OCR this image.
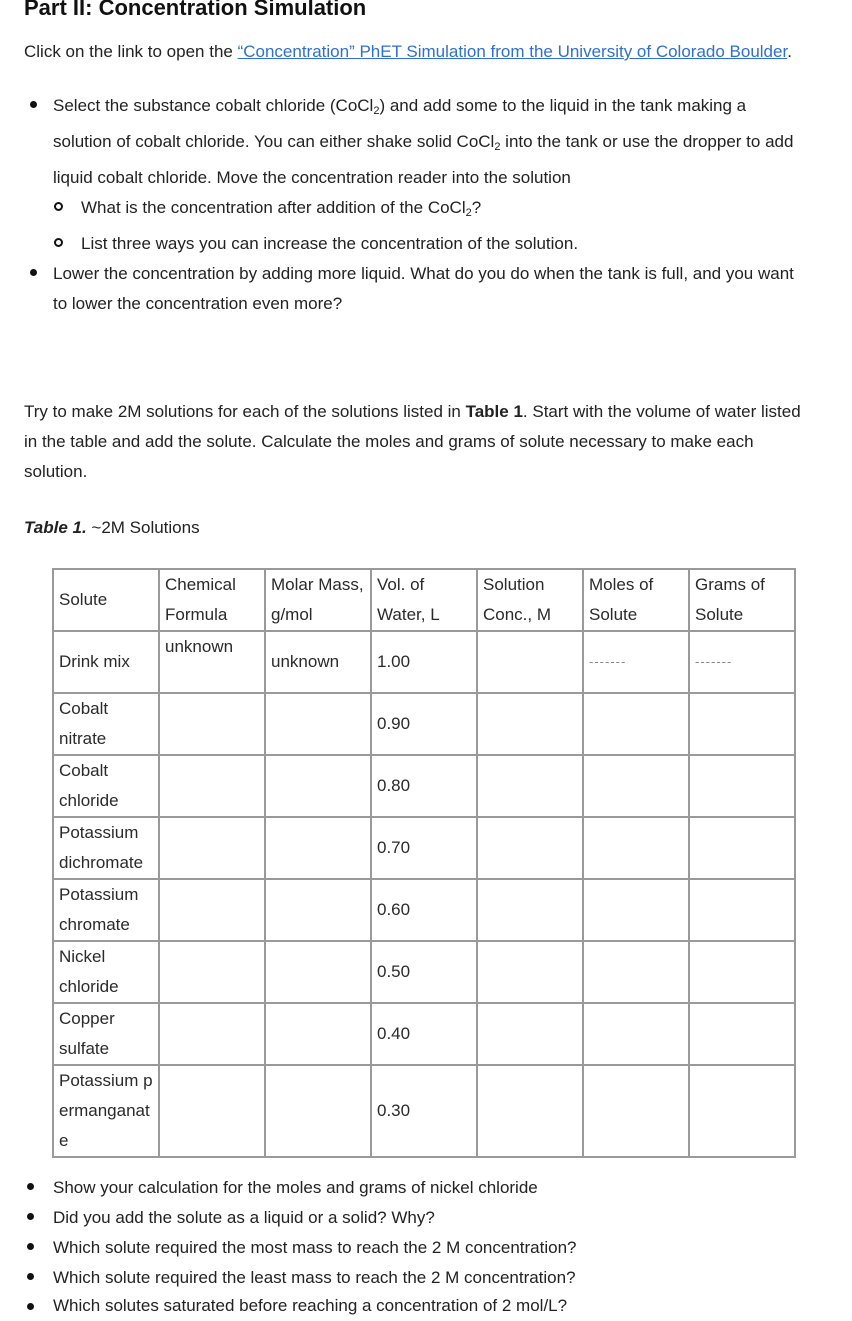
Part II: Concentration Simulation
Click on the link to open the “Concentration” PhET Simulation from the University of Colorado Boulder.
Select the substance cobalt chloride (CoCl$_2$) and add some to the liquid in the tank making a
solution of cobalt chloride. You can either shake solid CoCl$_2$ into the tank or use the dropper to add
liquid cobalt chloride. Move the concentration reader into the solution
What is the concentration after addition of the CoCl$_2$?
List three ways you can increase the concentration of the solution.
Lower the concentration by adding more liquid. What do you do when the tank is full, and you want
to lower the concentration even more?
Try to make 2M solutions for each of the solutions listed in Table 1. Start with the volume of water listed
in the table and add the solute. Calculate the moles and grams of solute necessary to make each
solution.
Table 1. ~2M Solutions
Solute	Chemical Formula	Molar Mass, g/mol	Vol. of Water, L	Solution Conc., M	Moles of Solute	Grams of Solute
Drink mix	unknown	unknown	1.00		-------	-------
Cobalt nitrate			0.90			
Cobalt chloride			0.80			
Potassium dichromate			0.70			
Potassium chromate			0.60			
Nickel chloride			0.50			
Copper sulfate			0.40			
Potassium permanganate			0.30			
Show your calculation for the moles and grams of nickel chloride
Did you add the solute as a liquid or a solid? Why?
Which solute required the most mass to reach the 2 M concentration?
Which solute required the least mass to reach the 2 M concentration?
Which solutes saturated before reaching a concentration of 2 mol/L?
